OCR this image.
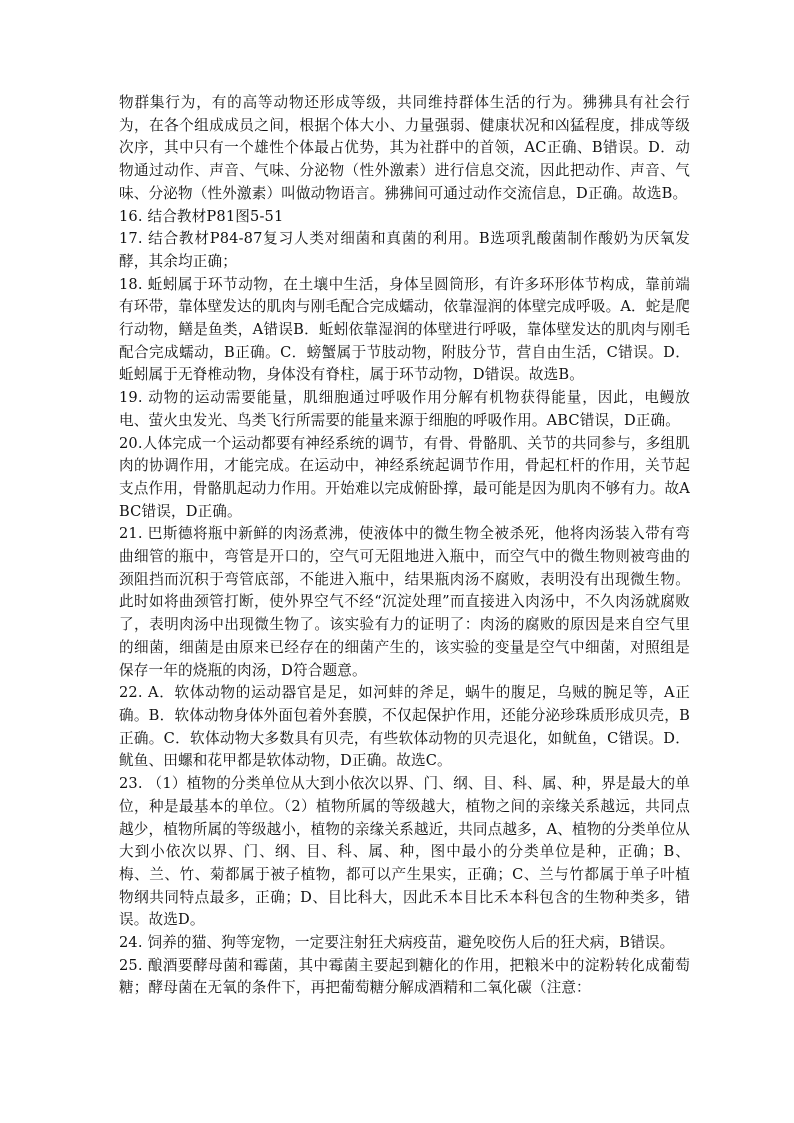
物群集行为，有的高等动物还形成等级，共同维持群体生活的行为。狒狒具有社会行为，在各个组成成员之间，根据个体大小、力量强弱、健康状况和凶猛程度，排成等级次序，其中只有一个雄性个体最占优势，其为社群中的首领，AC正确、B错误。D．动物通过动作、声音、气味、分泌物（性外激素）进行信息交流，因此把动作、声音、气味、分泌物（性外激素）叫做动物语言。狒狒间可通过动作交流信息，D正确。故选B。

16. 结合教材P81图5-51

17. 结合教材P84-87复习人类对细菌和真菌的利用。B选项乳酸菌制作酸奶为厌氧发酵，其余均正确；

18. 蚯蚓属于环节动物，在土壤中生活，身体呈圆筒形，有许多环形体节构成，靠前端有环带，靠体壁发达的肌肉与刚毛配合完成蠕动，依靠湿润的体壁完成呼吸。A．蛇是爬行动物，鳝是鱼类，A错误B．蚯蚓依靠湿润的体壁进行呼吸，靠体壁发达的肌肉与刚毛配合完成蠕动，B正确。C．螃蟹属于节肢动物，附肢分节，营自由生活，C错误。D．蚯蚓属于无脊椎动物，身体没有脊柱，属于环节动物，D错误。故选B。

19. 动物的运动需要能量，肌细胞通过呼吸作用分解有机物获得能量，因此，电鳗放电、萤火虫发光、鸟类飞行所需要的能量来源于细胞的呼吸作用。ABC错误，D正确。

20.人体完成一个运动都要有神经系统的调节，有骨、骨骼肌、关节的共同参与，多组肌肉的协调作用，才能完成。在运动中，神经系统起调节作用，骨起杠杆的作用，关节起支点作用，骨骼肌起动力作用。开始难以完成俯卧撑，最可能是因为肌肉不够有力。故ABC错误，D正确。

21. 巴斯德将瓶中新鲜的肉汤煮沸，使液体中的微生物全被杀死，他将肉汤装入带有弯曲细管的瓶中，弯管是开口的，空气可无阻地进入瓶中，而空气中的微生物则被弯曲的颈阻挡而沉积于弯管底部，不能进入瓶中，结果瓶肉汤不腐败，表明没有出现微生物。此时如将曲颈管打断，使外界空气不经“沉淀处理”而直接进入肉汤中，不久肉汤就腐败了，表明肉汤中出现微生物了。该实验有力的证明了：肉汤的腐败的原因是来自空气里的细菌，细菌是由原来已经存在的细菌产生的，该实验的变量是空气中细菌，对照组是保存一年的烧瓶的肉汤，D符合题意。

22. A．软体动物的运动器官是足，如河蚌的斧足，蜗牛的腹足，乌贼的腕足等，A正确。B．软体动物身体外面包着外套膜，不仅起保护作用，还能分泌珍珠质形成贝壳，B正确。C．软体动物大多数具有贝壳，有些软体动物的贝壳退化，如鱿鱼，C错误。D．鱿鱼、田螺和花甲都是软体动物，D正确。故选C。

23. （1）植物的分类单位从大到小依次以界、门、纲、目、科、属、种，界是最大的单位，种是最基本的单位。（2）植物所属的等级越大，植物之间的亲缘关系越远，共同点越少，植物所属的等级越小，植物的亲缘关系越近，共同点越多，A、植物的分类单位从大到小依次以界、门、纲、目、科、属、种，图中最小的分类单位是种，正确；B、梅、兰、竹、菊都属于被子植物，都可以产生果实，正确；C、兰与竹都属于单子叶植物纲共同特点最多，正确；D、目比科大，因此禾本目比禾本科包含的生物种类多，错误。故选D。

24. 饲养的猫、狗等宠物，一定要注射狂犬病疫苗，避免咬伤人后的狂犬病，B错误。

25. 酿酒要酵母菌和霉菌，其中霉菌主要起到糖化的作用，把粮米中的淀粉转化成葡萄糖；酵母菌在无氧的条件下，再把葡萄糖分解成酒精和二氧化碳（注意：
